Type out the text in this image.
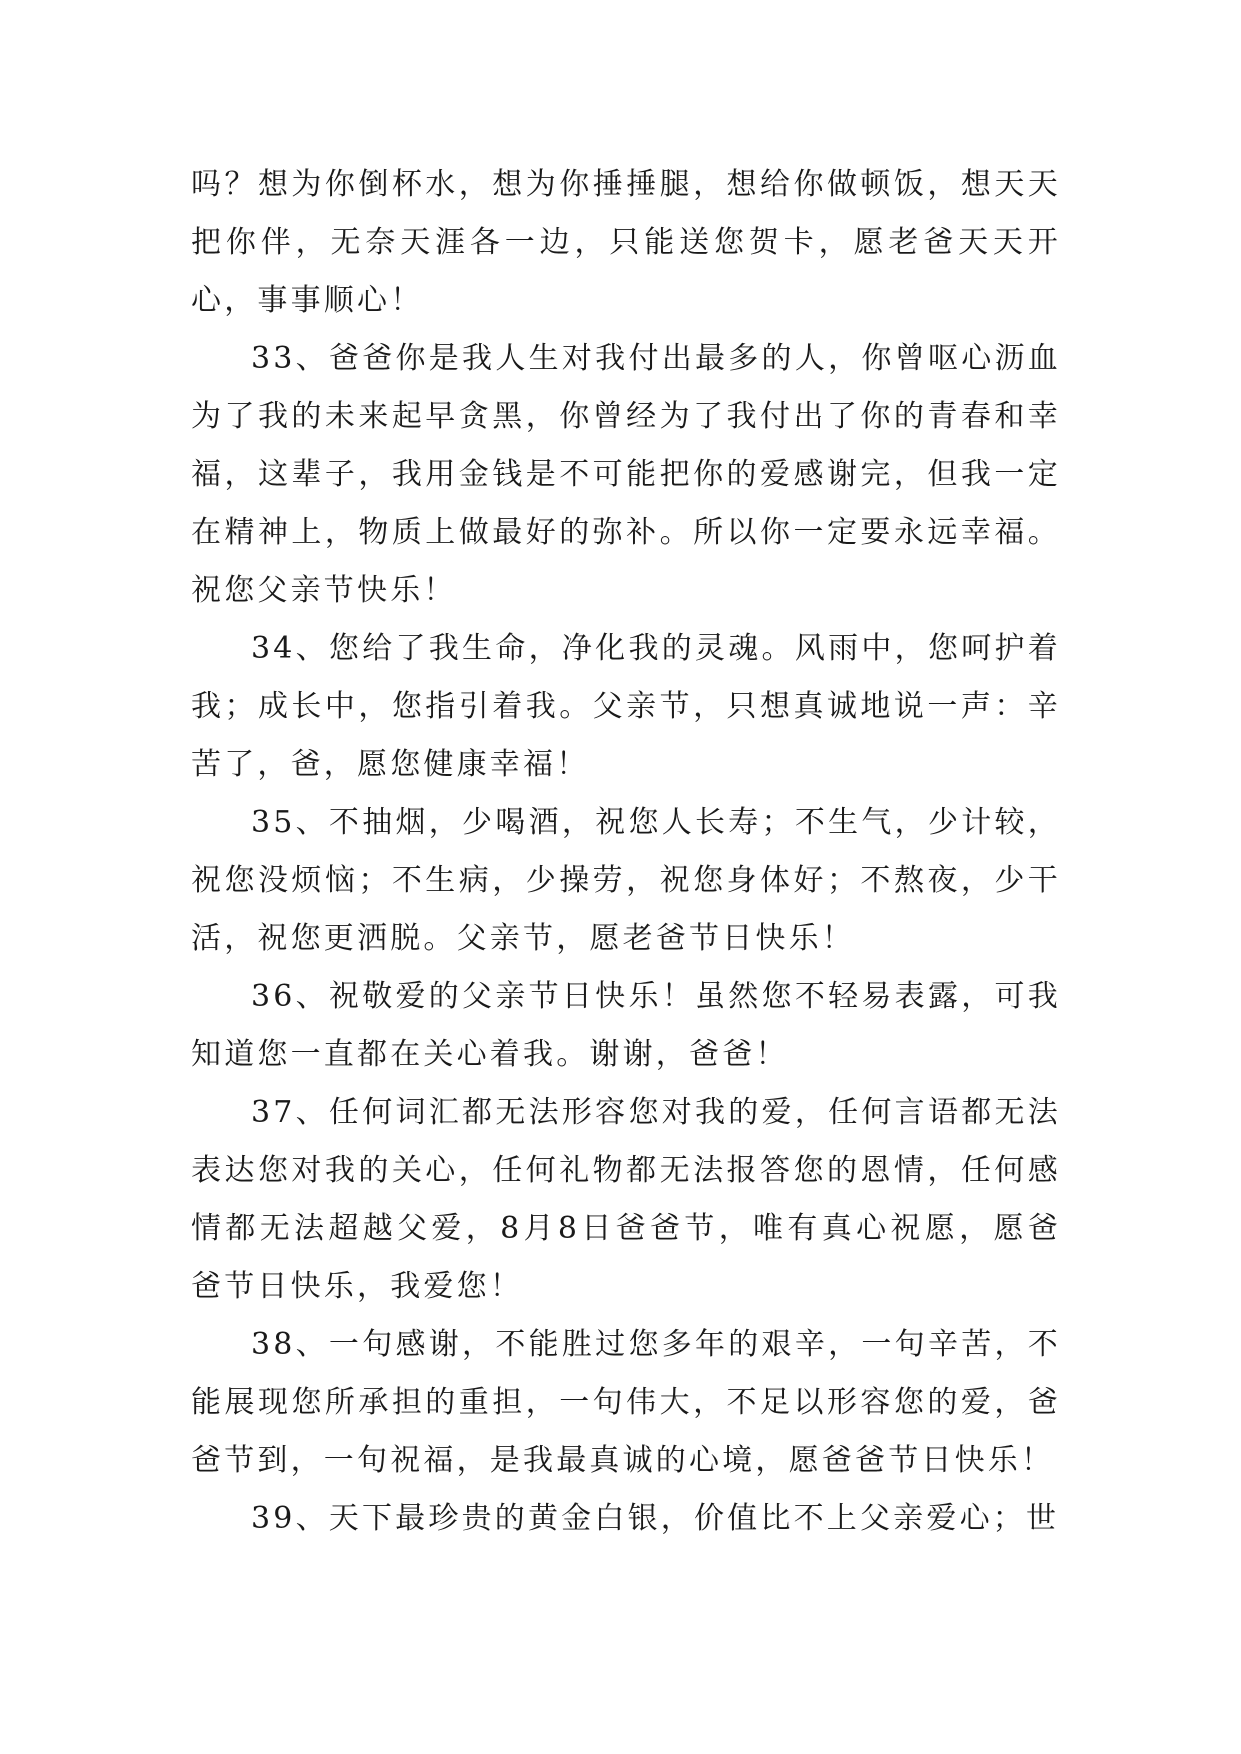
吗？想为你倒杯水，想为你捶捶腿，想给你做顿饭，想天天把你伴，无奈天涯各一边，只能送您贺卡，愿老爸天天开心，事事顺心！

33、爸爸你是我人生对我付出最多的人，你曾呕心沥血为了我的未来起早贪黑，你曾经为了我付出了你的青春和幸福，这辈子，我用金钱是不可能把你的爱感谢完，但我一定在精神上，物质上做最好的弥补。所以你一定要永远幸福。祝您父亲节快乐！

34、您给了我生命，净化我的灵魂。风雨中，您呵护着我；成长中，您指引着我。父亲节，只想真诚地说一声：辛苦了，爸，愿您健康幸福！

35、不抽烟，少喝酒，祝您人长寿；不生气，少计较，祝您没烦恼；不生病，少操劳，祝您身体好；不熬夜，少干活，祝您更洒脱。父亲节，愿老爸节日快乐！

36、祝敬爱的父亲节日快乐！虽然您不轻易表露，可我知道您一直都在关心着我。谢谢，爸爸！

37、任何词汇都无法形容您对我的爱，任何言语都无法表达您对我的关心，任何礼物都无法报答您的恩情，任何感情都无法超越父爱，8月8日爸爸节，唯有真心祝愿，愿爸爸节日快乐，我爱您！

38、一句感谢，不能胜过您多年的艰辛，一句辛苦，不能展现您所承担的重担，一句伟大，不足以形容您的爱，爸爸节到，一句祝福，是我最真诚的心境，愿爸爸节日快乐！

39、天下最珍贵的黄金白银，价值比不上父亲爱心；世
